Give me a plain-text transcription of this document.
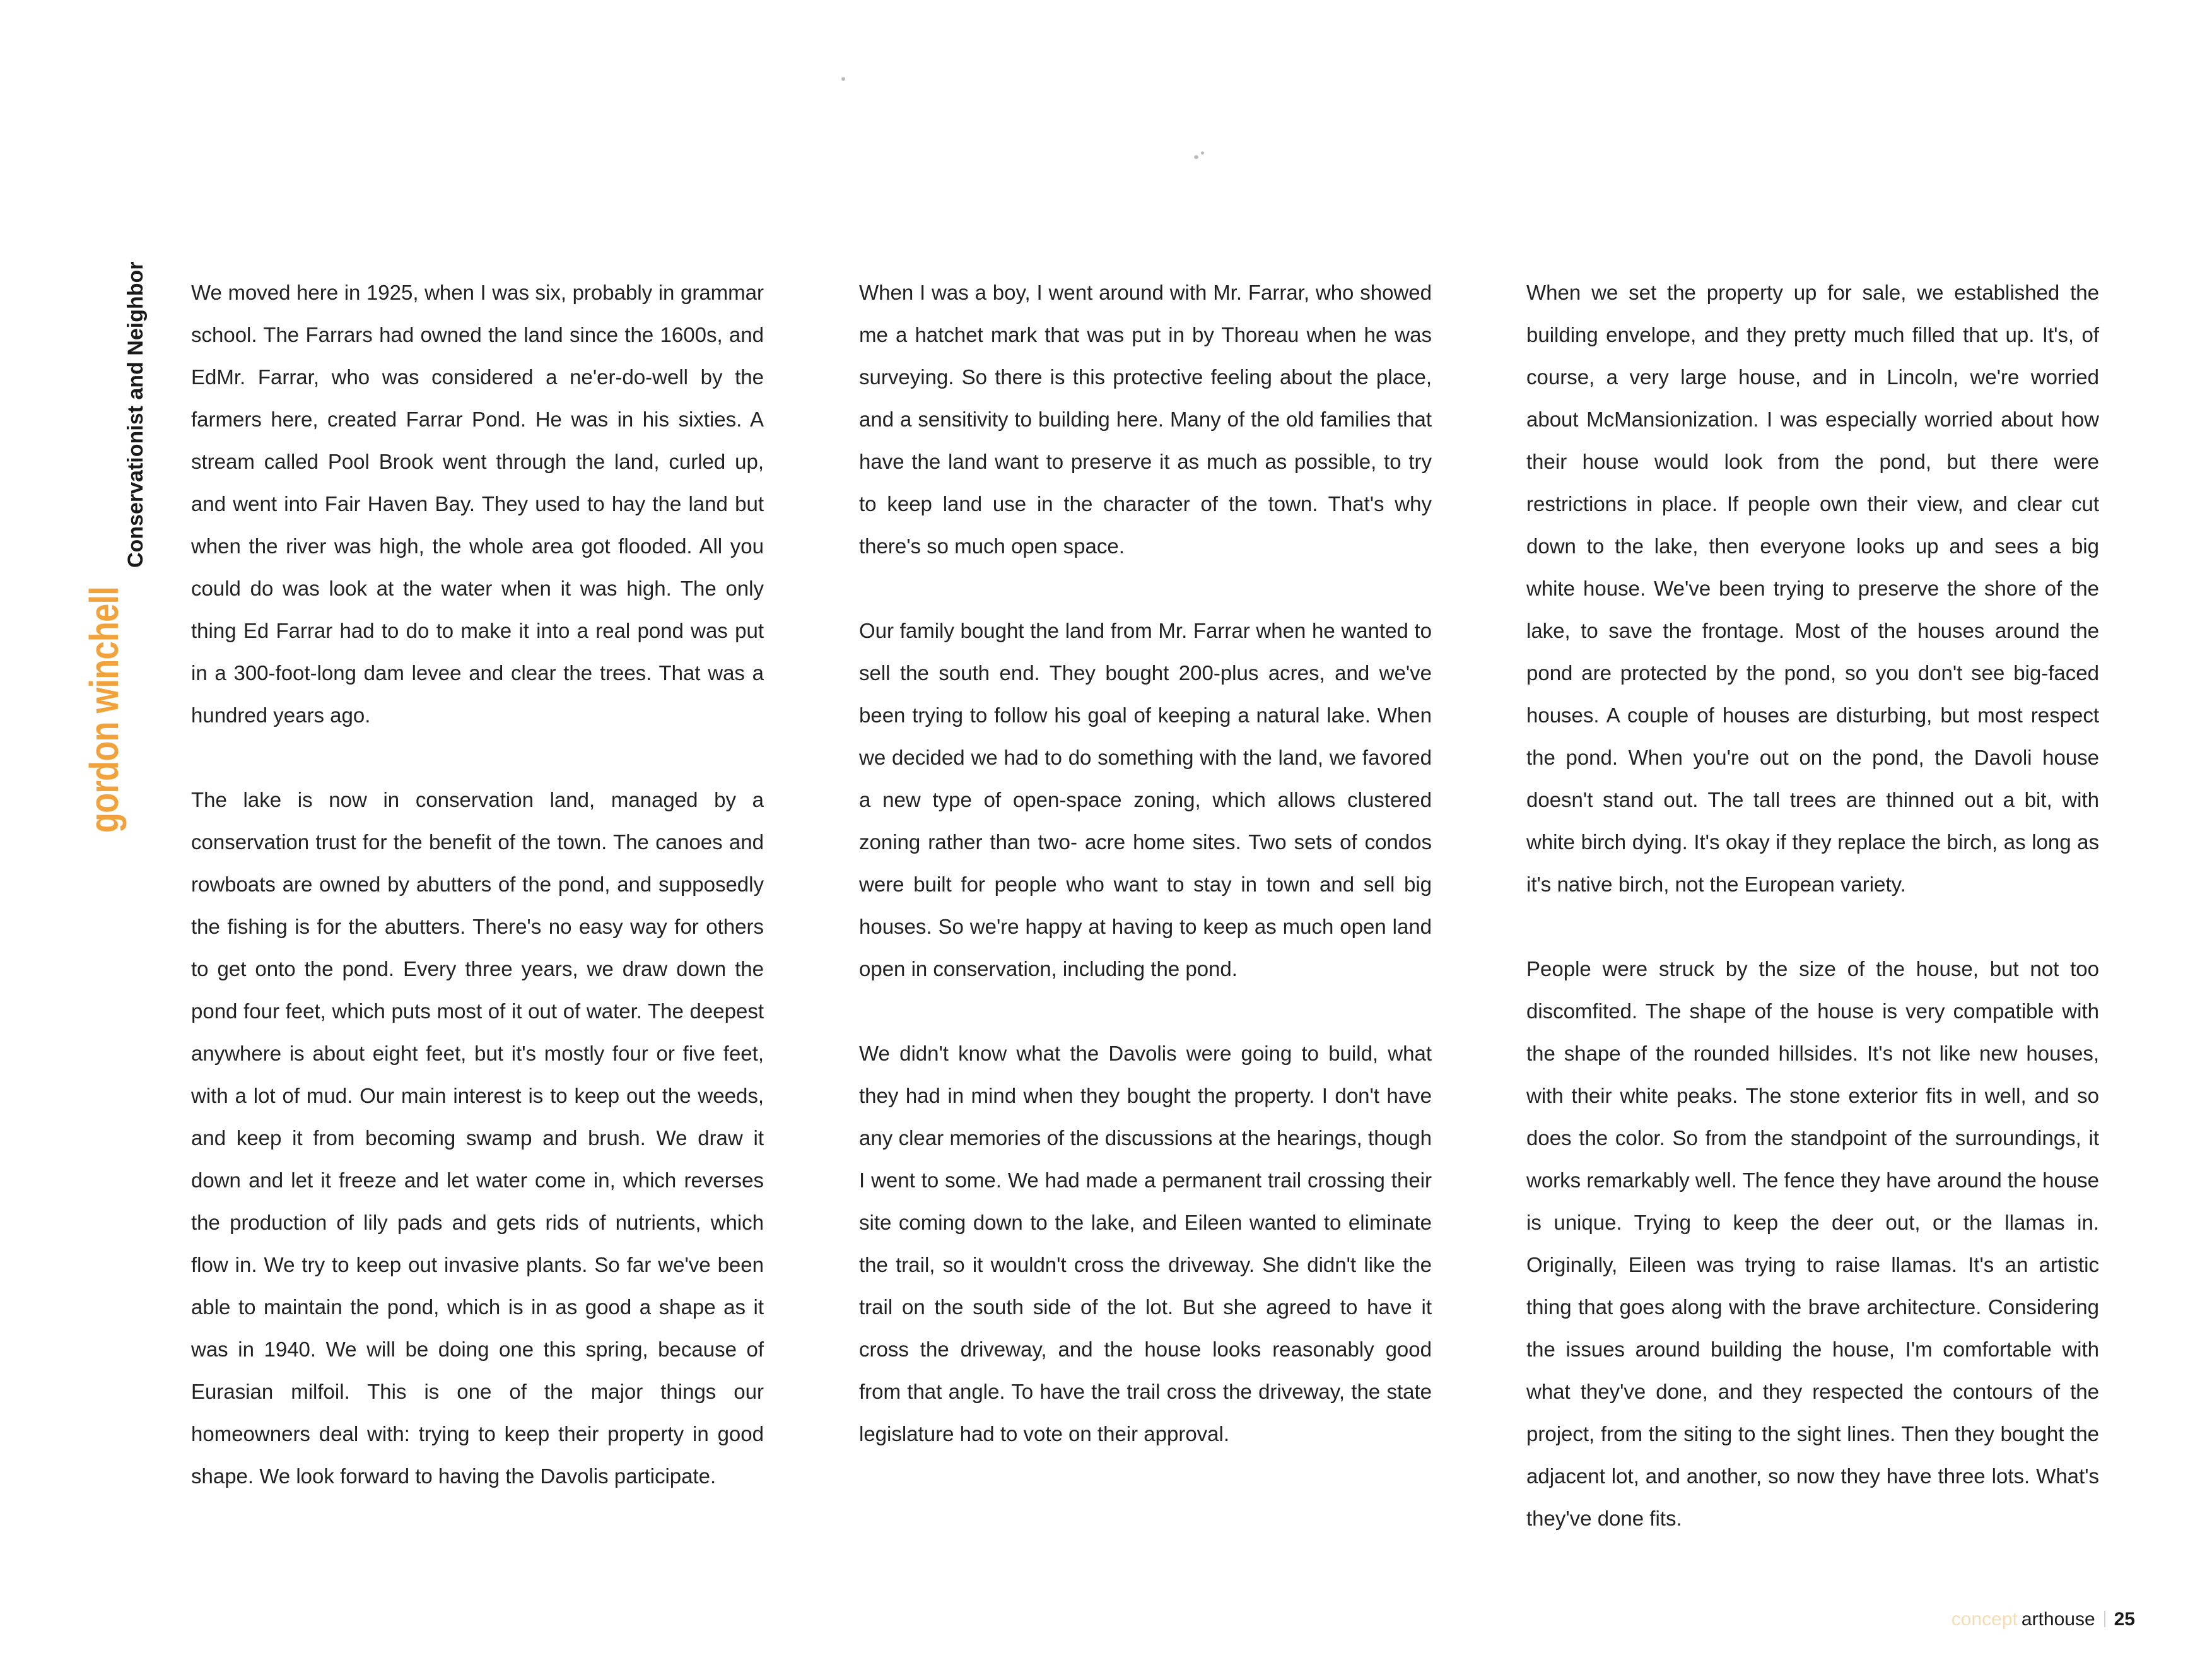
gordon winchell
Conservationist and Neighbor We moved here in 1925, when I was six, probably in grammar school. The Farrars had owned the land since the 1600s, and EdMr. Farrar, who was considered a ne'er-do-well by the farmers here, created Farrar Pond. He was in his sixties. A stream called Pool Brook went through the land, curled up, and went into Fair Haven Bay. They used to hay the land but when the river was high, the whole area got flooded. All you could do was look at the water when it was high. The only thing Ed Farrar had to do to make it into a real pond was put in a 300-foot-long dam levee and clear the trees. That was a hundred years ago.

The lake is now in conservation land, managed by a conservation trust for the benefit of the town. The canoes and rowboats are owned by abutters of the pond, and supposedly the fishing is for the abutters. There's no easy way for others to get onto the pond. Every three years, we draw down the pond four feet, which puts most of it out of water. The deepest anywhere is about eight feet, but it's mostly four or five feet, with a lot of mud. Our main interest is to keep out the weeds, and keep it from becoming swamp and brush. We draw it down and let it freeze and let water come in, which reverses the production of lily pads and gets rids of nutrients, which flow in. We try to keep out invasive plants. So far we've been able to maintain the pond, which is in as good a shape as it was in 1940. We will be doing one this spring, because of Eurasian milfoil. This is one of the major things our homeowners deal with: trying to keep their property in good shape. We look forward to having the Davolis participate.

When I was a boy, I went around with Mr. Farrar, who showed me a hatchet mark that was put in by Thoreau when he was surveying. So there is this protective feeling about the place, and a sensitivity to building here. Many of the old families that have the land want to preserve it as much as possible, to try to keep land use in the character of the town. That's why there's so much open space.

Our family bought the land from Mr. Farrar when he wanted to sell the south end. They bought 200-plus acres, and we've been trying to follow his goal of keeping a natural lake. When we decided we had to do something with the land, we favored a new type of open-space zoning, which allows clustered zoning rather than two- acre home sites. Two sets of condos were built for people who want to stay in town and sell big houses. So we're happy at having to keep as much open land open in conservation, including the pond.

We didn't know what the Davolis were going to build, what they had in mind when they bought the property. I don't have any clear memories of the discussions at the hearings, though I went to some. We had made a permanent trail crossing their site coming down to the lake, and Eileen wanted to eliminate the trail, so it wouldn't cross the driveway. She didn't like the trail on the south side of the lot. But she agreed to have it cross the driveway, and the house looks reasonably good from that angle. To have the trail cross the driveway, the state legislature had to vote on their approval.

When we set the property up for sale, we established the building envelope, and they pretty much filled that up. It's, of course, a very large house, and in Lincoln, we're worried about McMansionization. I was especially worried about how their house would look from the pond, but there were restrictions in place. If people own their view, and clear cut down to the lake, then everyone looks up and sees a big white house. We've been trying to preserve the shore of the lake, to save the frontage. Most of the houses around the pond are protected by the pond, so you don't see big-faced houses. A couple of houses are disturbing, but most respect the pond. When you're out on the pond, the Davoli house doesn't stand out. The tall trees are thinned out a bit, with white birch dying. It's okay if they replace the birch, as long as it's native birch, not the European variety.

People were struck by the size of the house, but not too discomfited. The shape of the house is very compatible with the shape of the rounded hillsides. It's not like new houses, with their white peaks. The stone exterior fits in well, and so does the color. So from the standpoint of the surroundings, it works remarkably well. The fence they have around the house is unique. Trying to keep the deer out, or the llamas in. Originally, Eileen was trying to raise llamas. It's an artistic thing that goes along with the brave architecture. Considering the issues around building the house, I'm comfortable with what they've done, and they respected the contours of the project, from the siting to the sight lines. Then they bought the adjacent lot, and another, so now they have three lots. What's they've done fits.

concept arthouse 25
